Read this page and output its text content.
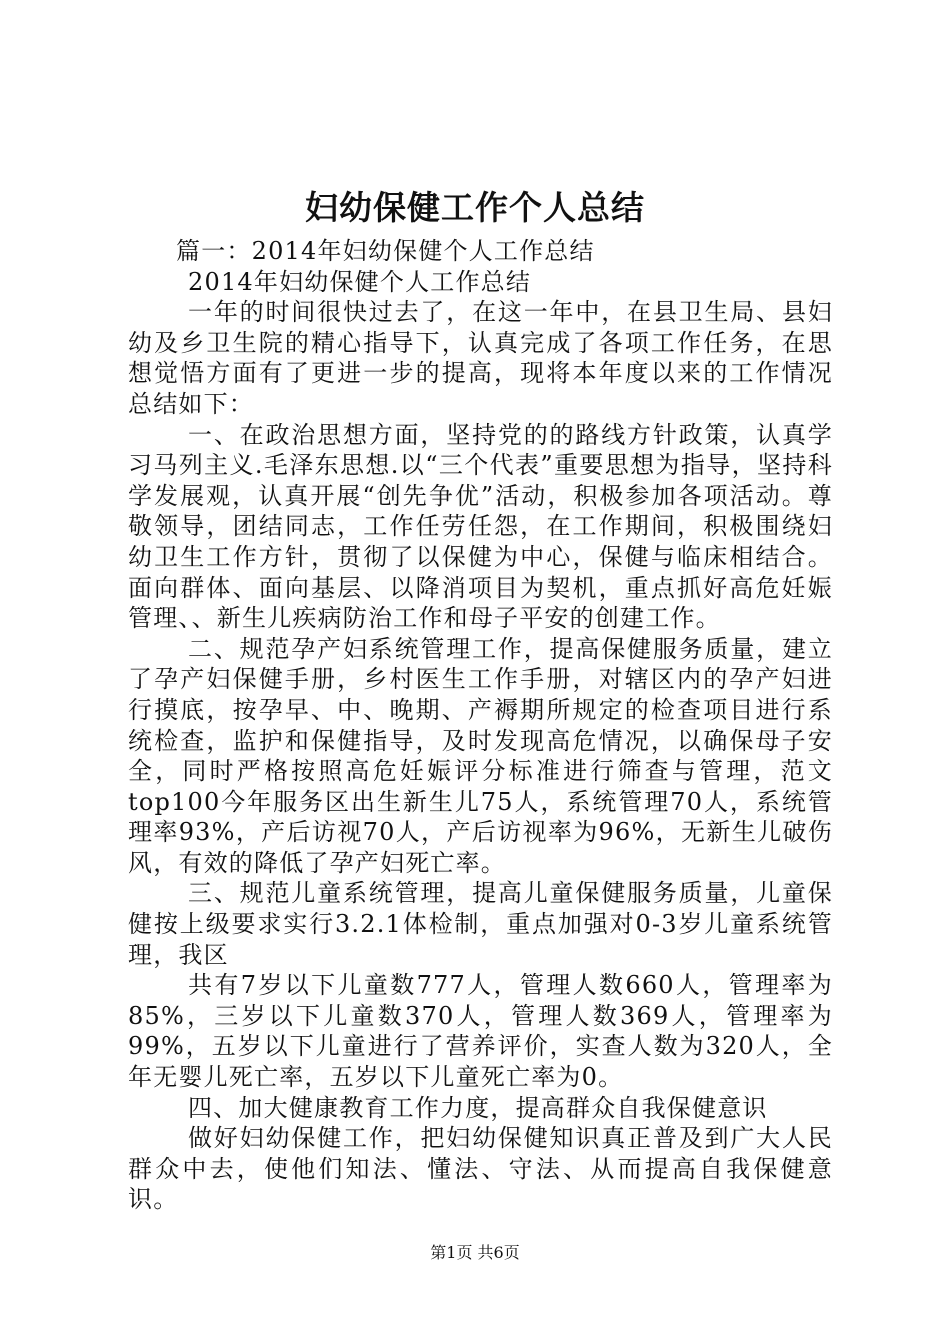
妇幼保健工作个人总结

篇一：2014年妇幼保健个人工作总结

2014年妇幼保健个人工作总结

一年的时间很快过去了，在这一年中，在县卫生局、县妇幼及乡卫生院的精心指导下，认真完成了各项工作任务，在思想觉悟方面有了更进一步的提高，现将本年度以来的工作情况总结如下：

一、在政治思想方面，坚持党的的路线方针政策，认真学习马列主义.毛泽东思想.以“三个代表”重要思想为指导，坚持科学发展观，认真开展“创先争优”活动，积极参加各项活动。尊敬领导，团结同志，工作任劳任怨，在工作期间，积极围绕妇幼卫生工作方针，贯彻了以保健为中心，保健与临床相结合。面向群体、面向基层、以降消项目为契机，重点抓好高危妊娠管理、、新生儿疾病防治工作和母子平安的创建工作。

二、规范孕产妇系统管理工作，提高保健服务质量，建立了孕产妇保健手册，乡村医生工作手册，对辖区内的孕产妇进行摸底，按孕早、中、晚期、产褥期所规定的检查项目进行系统检查，监护和保健指导，及时发现高危情况，以确保母子安全，同时严格按照高危妊娠评分标准进行筛查与管理，范文top100今年服务区出生新生儿75人，系统管理70人，系统管理率93%，产后访视70人，产后访视率为96%，无新生儿破伤风，有效的降低了孕产妇死亡率。

三、规范儿童系统管理，提高儿童保健服务质量，儿童保健按上级要求实行3.2.1体检制，重点加强对0-3岁儿童系统管理，我区

共有7岁以下儿童数777人，管理人数660人，管理率为85%，三岁以下儿童数370人，管理人数369人，管理率为99%，五岁以下儿童进行了营养评价，实查人数为320人，全年无婴儿死亡率，五岁以下儿童死亡率为0。

四、加大健康教育工作力度，提高群众自我保健意识

做好妇幼保健工作，把妇幼保健知识真正普及到广大人民群众中去，使他们知法、懂法、守法、从而提高自我保健意识。

第1页 共6页
